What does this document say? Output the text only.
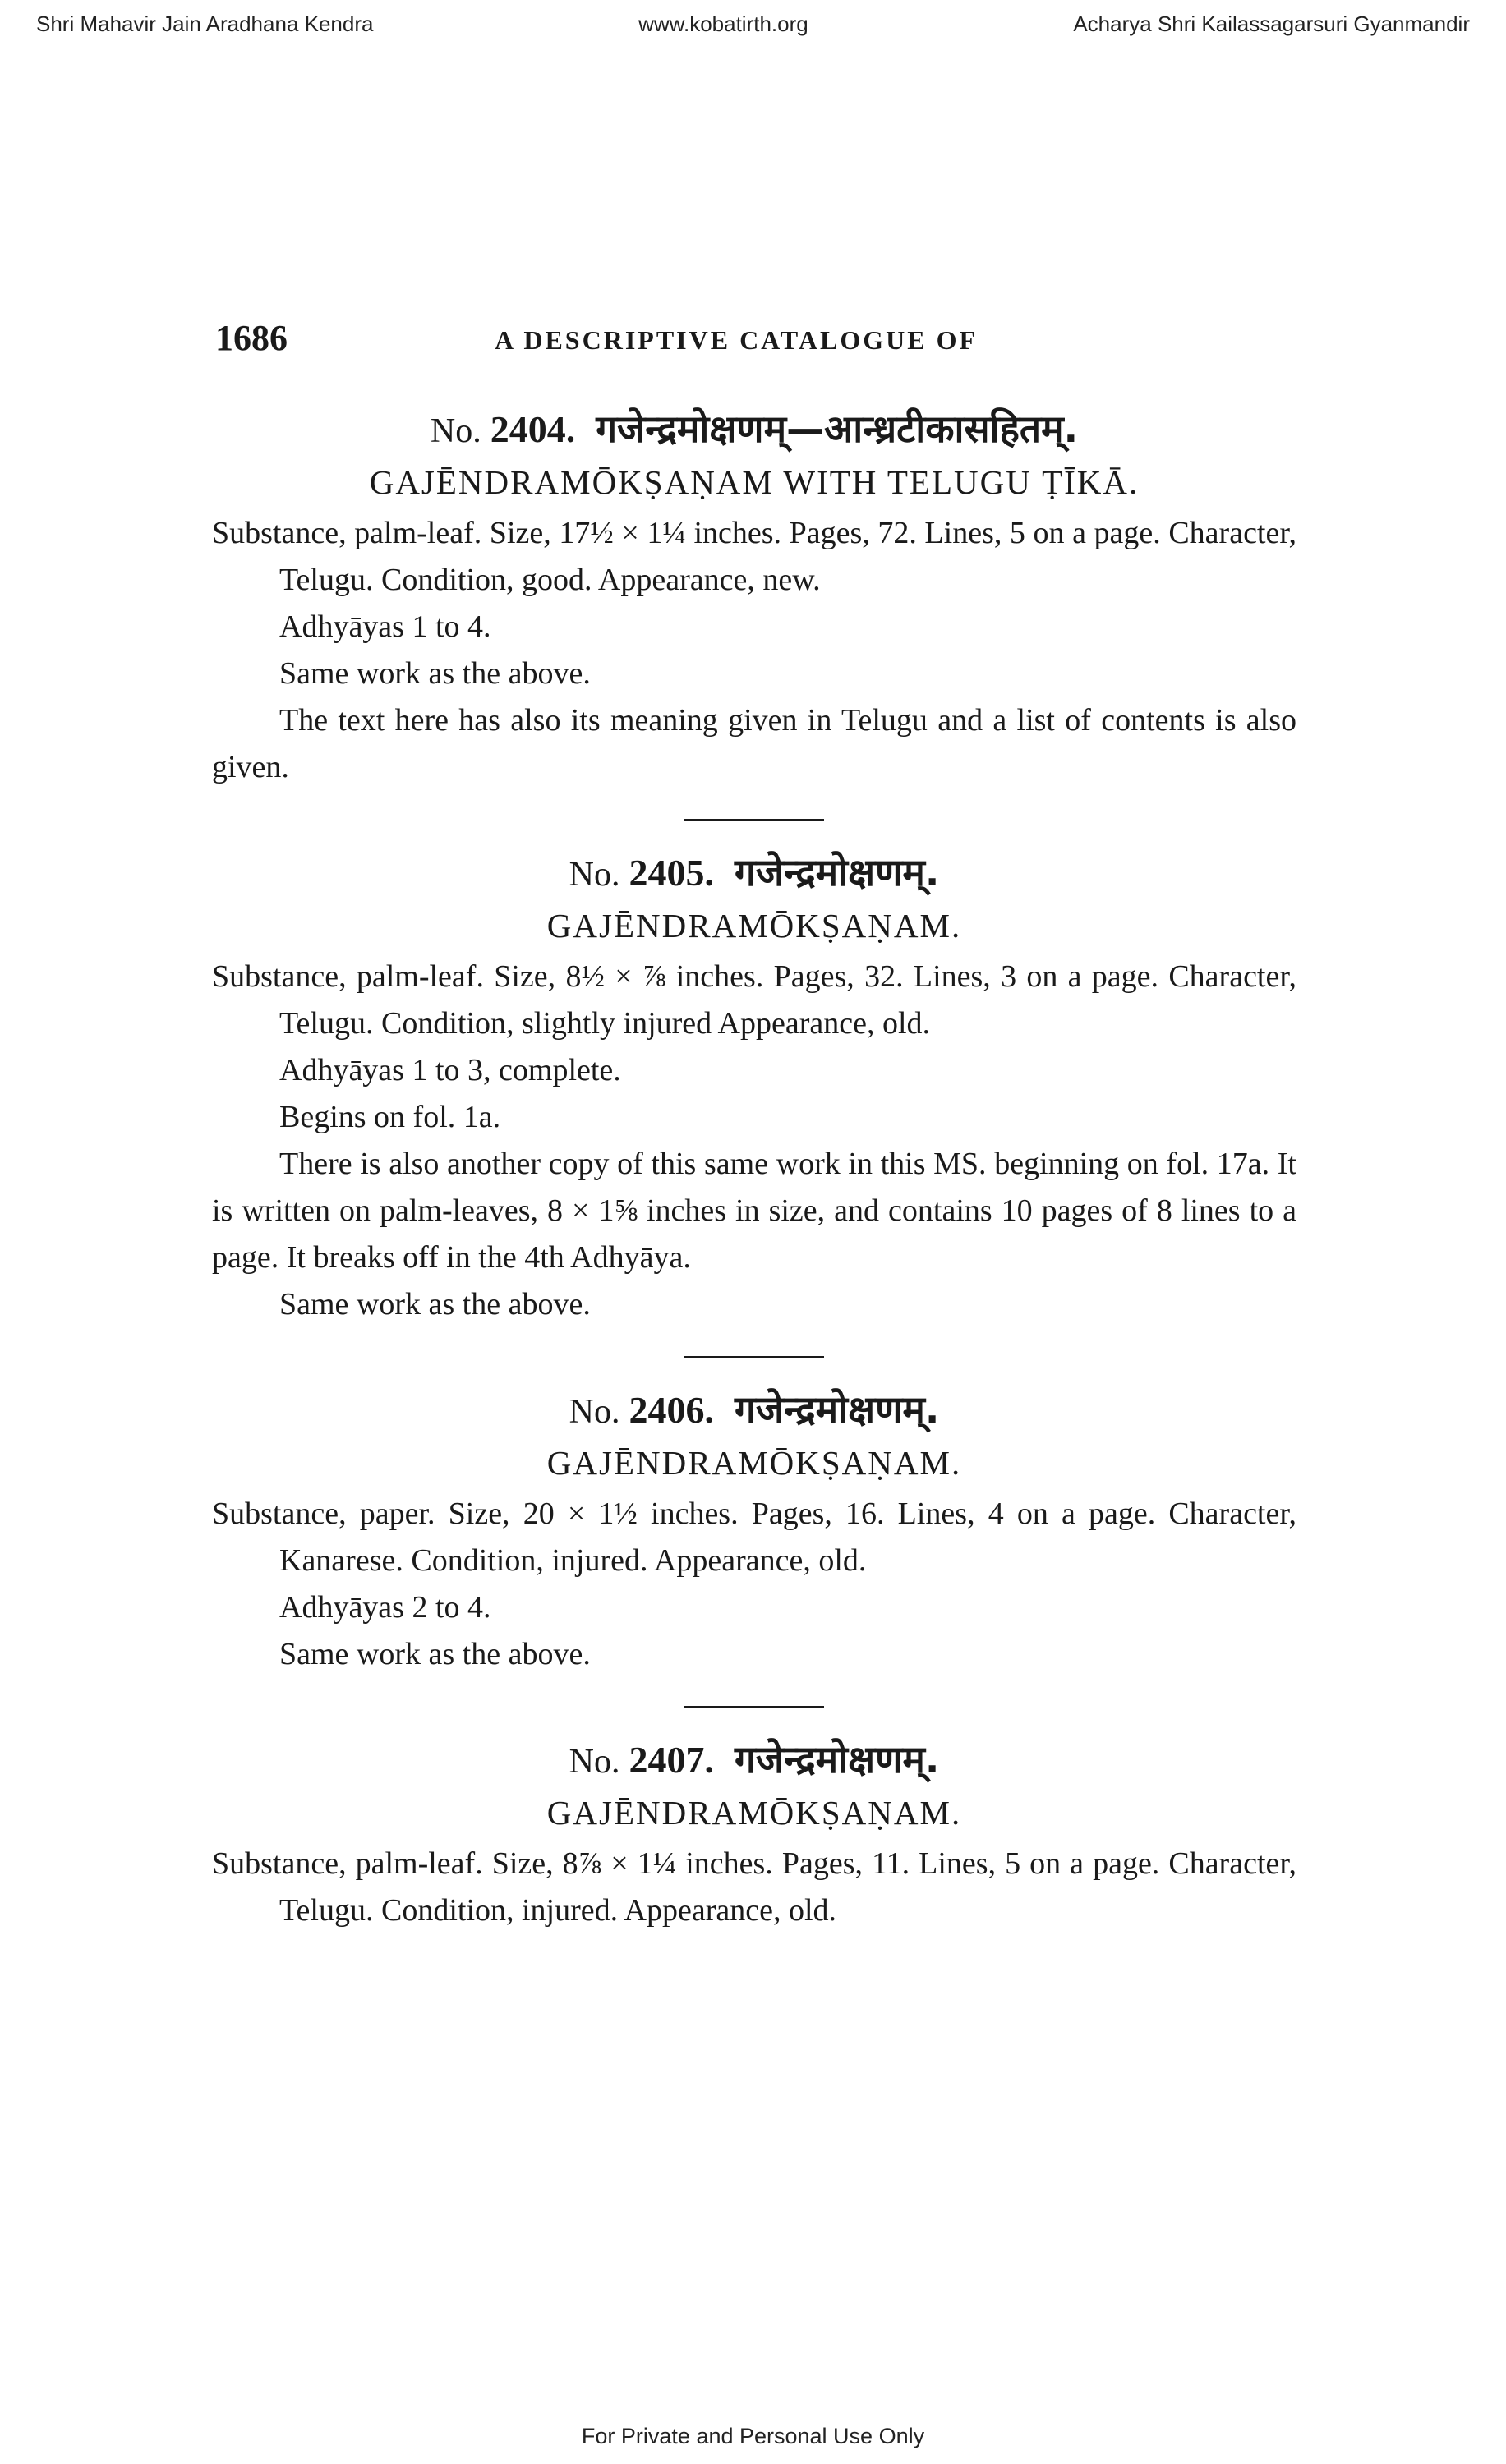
Shri Mahavir Jain Aradhana Kendra	www.kobatirth.org	Acharya Shri Kailassagarsuri Gyanmandir
1686	A DESCRIPTIVE CATALOGUE OF
No. 2404. गजेन्द्रमोक्षणम्—आन्ध्रटीकासहितम्.
GAJĒNDRAMŌKṢAṆAM WITH TELUGU ṬĪKĀ.
Substance, palm-leaf. Size, 17½ × 1¼ inches. Pages, 72. Lines, 5 on a page. Character, Telugu. Condition, good. Appearance, new.
Adhyāyas 1 to 4.
Same work as the above.
The text here has also its meaning given in Telugu and a list of contents is also given.
No. 2405. गजेन्द्रमोक्षणम्.
GAJĒNDRAMŌKṢAṆAM.
Substance, palm-leaf. Size, 8½ × ⅞ inches. Pages, 32. Lines, 3 on a page. Character, Telugu. Condition, slightly injured Appearance, old.
Adhyāyas 1 to 3, complete.
Begins on fol. 1a.
There is also another copy of this same work in this MS. beginning on fol. 17a. It is written on palm-leaves, 8 × 1⅝ inches in size, and contains 10 pages of 8 lines to a page. It breaks off in the 4th Adhyāya.
Same work as the above.
No. 2406. गजेन्द्रमोक्षणम्.
GAJĒNDRAMŌKṢAṆAM.
Substance, paper. Size, 20 × 1½ inches. Pages, 16. Lines, 4 on a page. Character, Kanarese. Condition, injured. Appearance, old.
Adhyāyas 2 to 4.
Same work as the above.
No. 2407. गजेन्द्रमोक्षणम्.
GAJĒNDRAMŌKṢAṆAM.
Substance, palm-leaf. Size, 8⅞ × 1¼ inches. Pages, 11. Lines, 5 on a page. Character, Telugu. Condition, injured. Appearance, old.
For Private and Personal Use Only
